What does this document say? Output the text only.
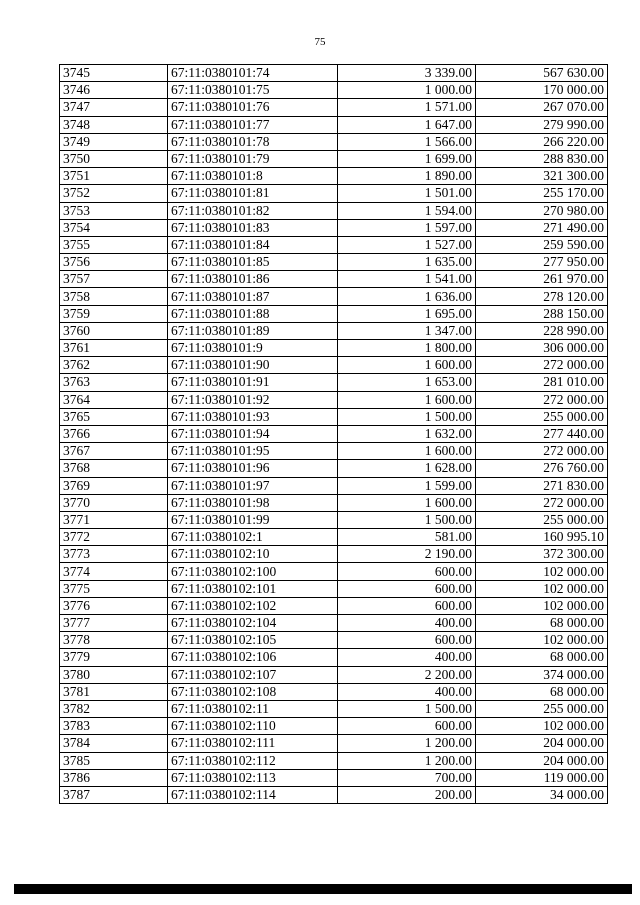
75
3745	67:11:0380101:74	3 339.00	567 630.00
3746	67:11:0380101:75	1 000.00	170 000.00
3747	67:11:0380101:76	1 571.00	267 070.00
3748	67:11:0380101:77	1 647.00	279 990.00
3749	67:11:0380101:78	1 566.00	266 220.00
3750	67:11:0380101:79	1 699.00	288 830.00
3751	67:11:0380101:8	1 890.00	321 300.00
3752	67:11:0380101:81	1 501.00	255 170.00
3753	67:11:0380101:82	1 594.00	270 980.00
3754	67:11:0380101:83	1 597.00	271 490.00
3755	67:11:0380101:84	1 527.00	259 590.00
3756	67:11:0380101:85	1 635.00	277 950.00
3757	67:11:0380101:86	1 541.00	261 970.00
3758	67:11:0380101:87	1 636.00	278 120.00
3759	67:11:0380101:88	1 695.00	288 150.00
3760	67:11:0380101:89	1 347.00	228 990.00
3761	67:11:0380101:9	1 800.00	306 000.00
3762	67:11:0380101:90	1 600.00	272 000.00
3763	67:11:0380101:91	1 653.00	281 010.00
3764	67:11:0380101:92	1 600.00	272 000.00
3765	67:11:0380101:93	1 500.00	255 000.00
3766	67:11:0380101:94	1 632.00	277 440.00
3767	67:11:0380101:95	1 600.00	272 000.00
3768	67:11:0380101:96	1 628.00	276 760.00
3769	67:11:0380101:97	1 599.00	271 830.00
3770	67:11:0380101:98	1 600.00	272 000.00
3771	67:11:0380101:99	1 500.00	255 000.00
3772	67:11:0380102:1	581.00	160 995.10
3773	67:11:0380102:10	2 190.00	372 300.00
3774	67:11:0380102:100	600.00	102 000.00
3775	67:11:0380102:101	600.00	102 000.00
3776	67:11:0380102:102	600.00	102 000.00
3777	67:11:0380102:104	400.00	68 000.00
3778	67:11:0380102:105	600.00	102 000.00
3779	67:11:0380102:106	400.00	68 000.00
3780	67:11:0380102:107	2 200.00	374 000.00
3781	67:11:0380102:108	400.00	68 000.00
3782	67:11:0380102:11	1 500.00	255 000.00
3783	67:11:0380102:110	600.00	102 000.00
3784	67:11:0380102:111	1 200.00	204 000.00
3785	67:11:0380102:112	1 200.00	204 000.00
3786	67:11:0380102:113	700.00	119 000.00
3787	67:11:0380102:114	200.00	34 000.00
